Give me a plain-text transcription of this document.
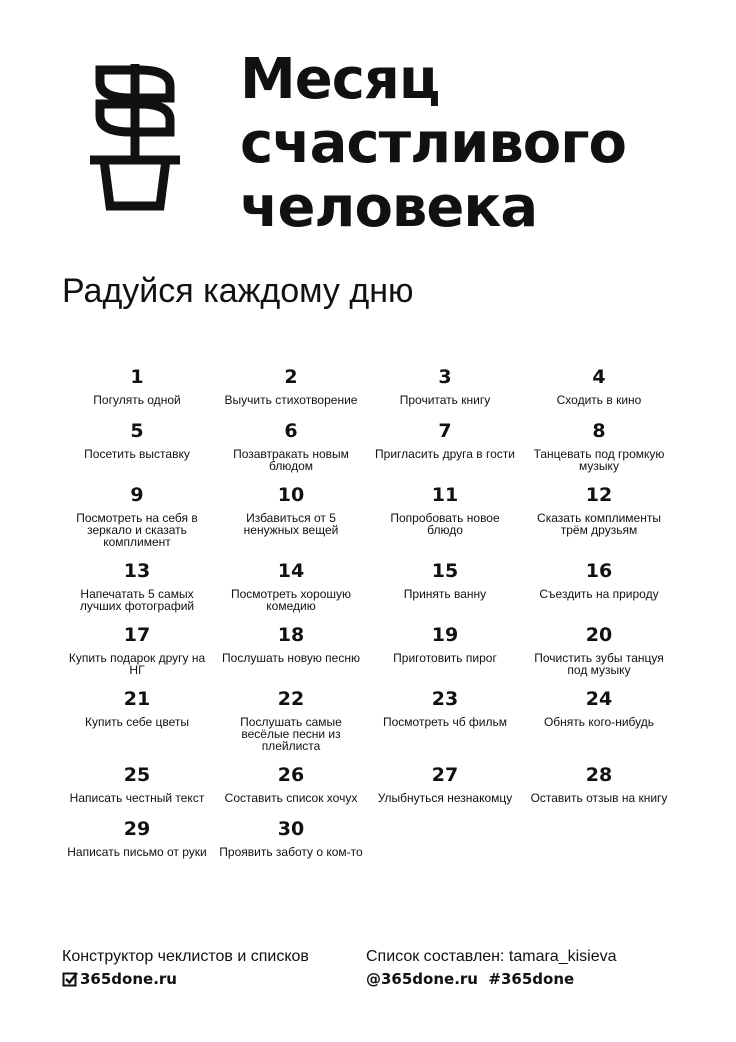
Месяц
счастливого
человека
Радуйся каждому дню
1
Погулять одной
2
Выучить стихотворение
3
Прочитать книгу
4
Сходить в кино
5
Посетить выставку
6
Позавтракать новым блюдом
7
Пригласить друга в гости
8
Танцевать под громкую музыку
9
Посмотреть на себя в зеркало и сказать комплимент
10
Избавиться от 5 ненужных вещей
11
Попробовать новое блюдо
12
Сказать комплименты трём друзьям
13
Напечатать 5 самых лучших фотографий
14
Посмотреть хорошую комедию
15
Принять ванну
16
Съездить на природу
17
Купить подарок другу на НГ
18
Послушать новую песню
19
Приготовить пирог
20
Почистить зубы танцуя под музыку
21
Купить себе цветы
22
Послушать самые весёлые песни из плейлиста
23
Посмотреть чб фильм
24
Обнять кого-нибудь
25
Написать честный текст
26
Составить список хочух
27
Улыбнуться незнакомцу
28
Оставить отзыв на книгу
29
Написать письмо от руки
30
Проявить заботу о ком-то
Конструктор чеклистов и списков
365done.ru
Список составлен: tamara_kisieva
@365done.ru  #365done
